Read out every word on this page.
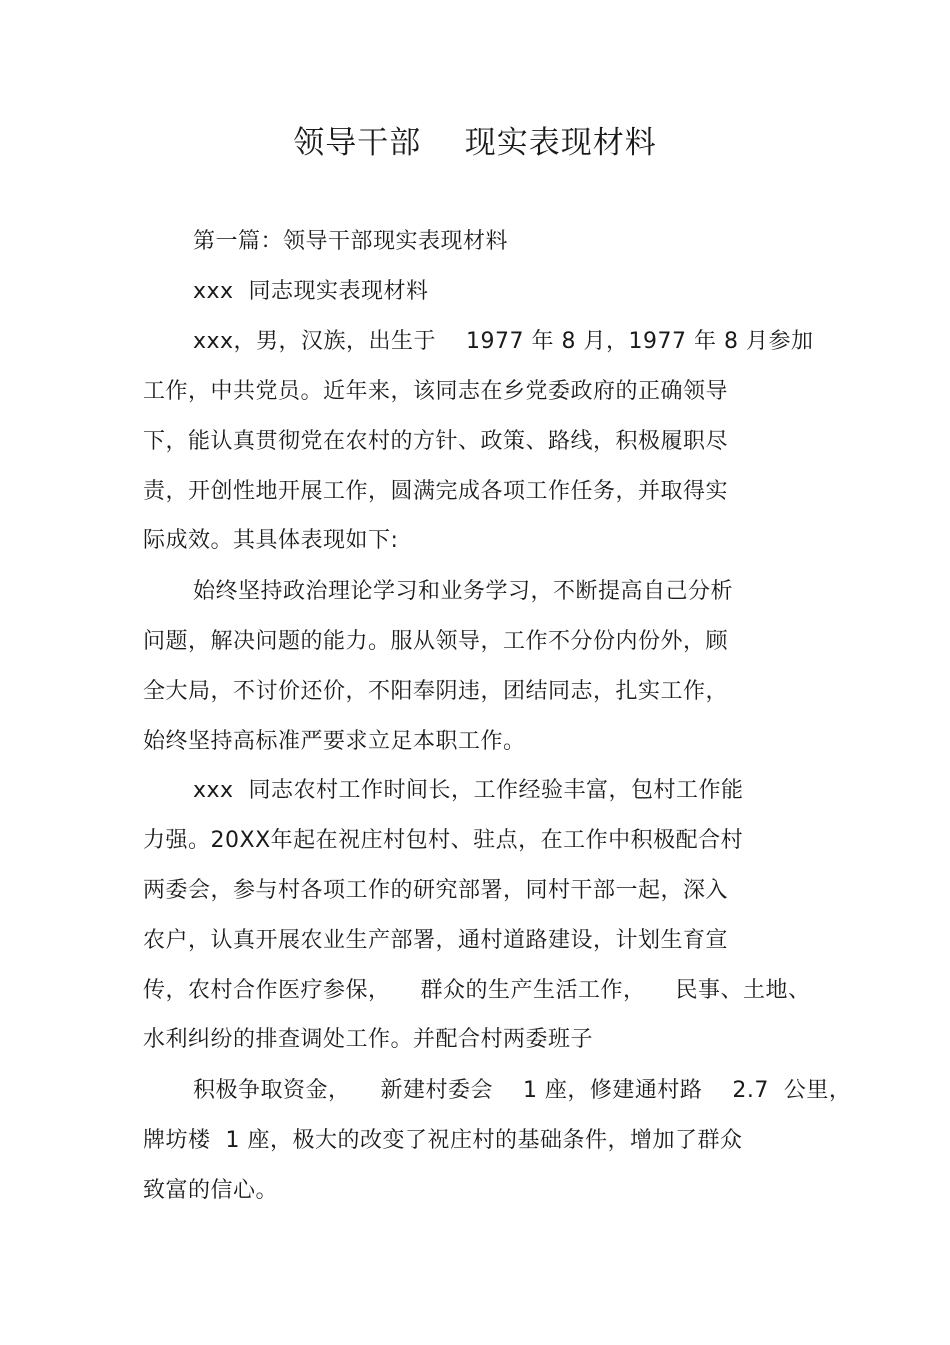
领导干部    现实表现材料
第一篇：领导干部现实表现材料
xxx  同志现实表现材料
xxx，男，汉族，出生于    1977 年 8 月，1977 年 8 月参加
工作，中共党员。近年来，该同志在乡党委政府的正确领导
下，能认真贯彻党在农村的方针、政策、路线，积极履职尽
责，开创性地开展工作，圆满完成各项工作任务，并取得实
际成效。其具体表现如下:
始终坚持政治理论学习和业务学习，不断提高自己分析
问题，解决问题的能力。服从领导，工作不分份内份外，顾
全大局，不讨价还价，不阳奉阴违，团结同志，扎实工作，
始终坚持高标准严要求立足本职工作。
xxx  同志农村工作时间长，工作经验丰富，包村工作能
力强。20XX年起在祝庄村包村、驻点，在工作中积极配合村
两委会，参与村各项工作的研究部署，同村干部一起，深入
农户，认真开展农业生产部署，通村道路建设，计划生育宣
传，农村合作医疗参保，    群众的生产生活工作，    民事、土地、
水利纠纷的排查调处工作。并配合村两委班子
积极争取资金，    新建村委会    1 座，修建通村路    2.7  公里，
牌坊楼  1 座，极大的改变了祝庄村的基础条件，增加了群众
致富的信心。
